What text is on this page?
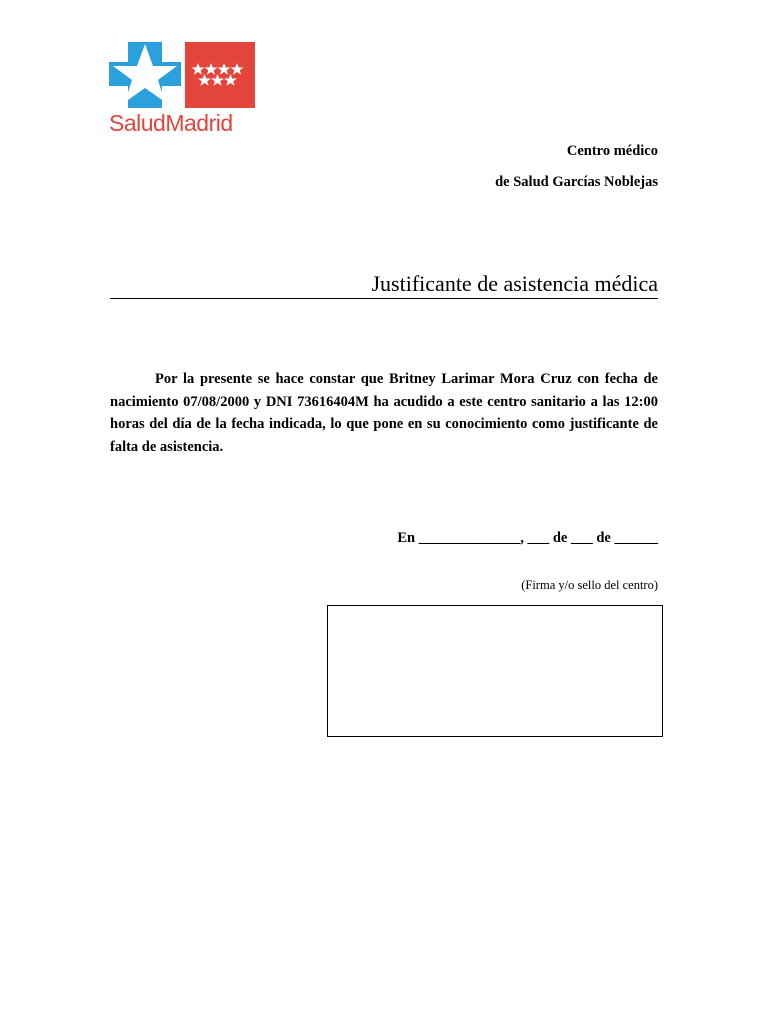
SaludMadrid
Centro médico
de Salud Garcías Noblejas
Justificante de asistencia médica
Por la presente se hace constar que Britney Larimar Mora Cruz con fecha de nacimiento 07/08/2000 y DNI 73616404M ha acudido a este centro sanitario a las 12:00 horas del día de la fecha indicada, lo que pone en su conocimiento como justificante de falta de asistencia.
En ______________, ___ de ___ de ______
(Firma y/o sello del centro)
